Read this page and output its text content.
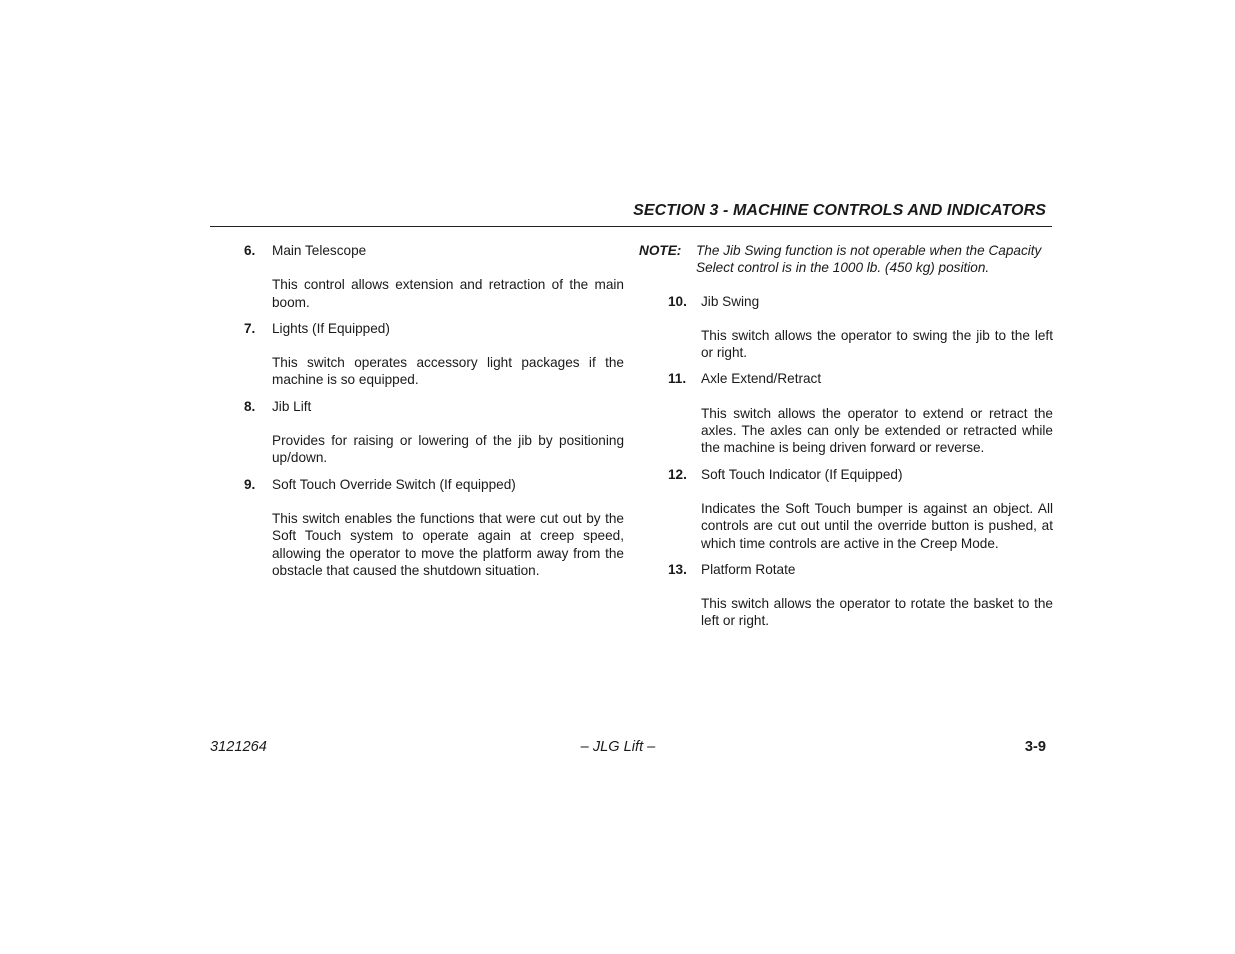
SECTION 3 - MACHINE CONTROLS AND INDICATORS
6. Main Telescope
This control allows extension and retraction of the main boom.
7. Lights (If Equipped)
This switch operates accessory light packages if the machine is so equipped.
8. Jib Lift
Provides for raising or lowering of the jib by positioning up/down.
9. Soft Touch Override Switch (If equipped)
This switch enables the functions that were cut out by the Soft Touch system to operate again at creep speed, allowing the operator to move the platform away from the obstacle that caused the shutdown situation.
NOTE: The Jib Swing function is not operable when the Capacity Select control is in the 1000 lb. (450 kg) position.
10. Jib Swing
This switch allows the operator to swing the jib to the left or right.
11. Axle Extend/Retract
This switch allows the operator to extend or retract the axles. The axles can only be extended or retracted while the machine is being driven forward or reverse.
12. Soft Touch Indicator (If Equipped)
Indicates the Soft Touch bumper is against an object. All controls are cut out until the override button is pushed, at which time controls are active in the Creep Mode.
13. Platform Rotate
This switch allows the operator to rotate the basket to the left or right.
3121264	– JLG Lift –	3-9
